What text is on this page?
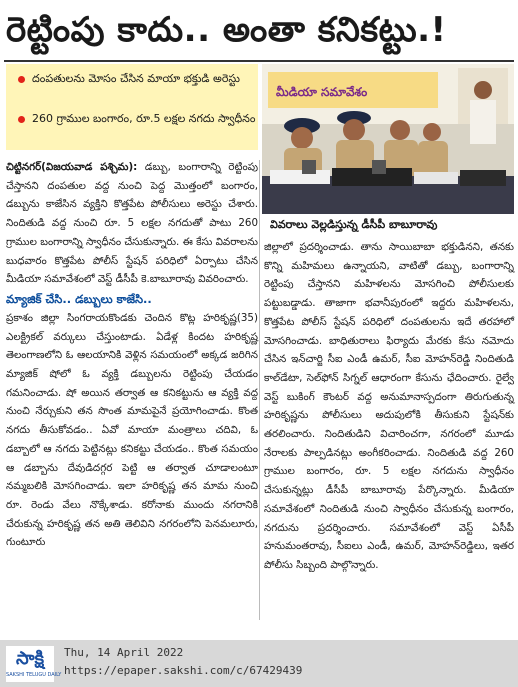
రెట్టింపు కాదు.. అంతా కనికట్టు.!
దంపతులను మోసం చేసిన మాయా భక్తుడి అరెస్టు
260 గ్రాముల బంగారం, రూ.5 లక్షల నగదు స్వాధీనం
మీడియా సమావేశం
వివరాలు వెల్లడిస్తున్న డీసీపీ బాబూరావు

చిట్టినగర్(విజయవాడ పశ్చిమ): డబ్బు, బంగారాన్ని రెట్టింపు చేస్తానని దంపతుల వద్ద నుంచి పెద్ద మొత్తంలో బంగారం, డబ్బును కాజేసిన వ్యక్తిని కొత్తపేట పోలీసులు అరెస్టు చేశారు. నిందితుడి వద్ద నుంచి రూ. 5 లక్షల నగదుతో పాటు 260 గ్రాముల బంగారాన్ని స్వాధీనం చేసుకున్నారు. ఈ కేసు వివరాలను బుధవారం కొత్తపేట పోలీస్ స్టేషన్ పరిధిలో ఏర్పాటు చేసిన మీడియా సమావేశంలో వెస్ట్ డీసీపీ కె.బాబూరావు వివరించారు.

మ్యాజిక్ చేసి.. డబ్బులు కాజేసి..

ప్రకాశం జిల్లా సింగరాయకొండకు చెందిన కొట్ల హరికృష్ణ(35) ఎలక్ట్రికల్ వర్కులు చేస్తుంటాడు. ఏడేళ్ల కిందట హరికృష్ణ తెలంగాణలోని ఓ ఆలయానికి వెళ్లిన సమయంలో అక్కడ జరిగిన మ్యాజిక్ షోలో ఓ వ్యక్తి డబ్బులను రెట్టింపు చేయడం గమనించాడు. షో అయిన తర్వాత ఆ కనికట్టును ఆ వ్యక్తి వద్ద నుంచి నేర్చుకుని తన సొంత మామపైనే ప్రయోగించాడు. కొంత నగదు తీసుకోవడం.. ఏవో మాయా మంత్రాలు చదివి, ఓ డబ్బాలో ఆ నగదు పెట్టినట్లు కనికట్టు చేయడం.. కొంత సమయం ఆ డబ్బాను దేవుడిదగ్గర పెట్టి ఆ తర్వాత చూడాలంటూ నమ్మబలికి మోసగించాడు. ఇలా హరికృష్ణ తన మామ నుంచి రూ. రెండు వేలు నొక్కేశాడు. కరోనాకు ముందు నగరానికి చేరుకున్న హరికృష్ణ తన అతి తెలివిని నగరంలోని పెనమలూరు, గుంటూరు

జిల్లాలో ప్రదర్శించాడు. తాను సాయిబాబా భక్తుడినని, తనకు కొన్ని మహిమలు ఉన్నాయని, వాటితో డబ్బు, బంగారాన్ని రెట్టింపు చేస్తానని మహిళలను మోసగించి పోలీసులకు పట్టుబడ్డాడు. తాజాగా భవానీపురంలో ఇద్దరు మహిళలను, కొత్తపేట పోలీస్ స్టేషన్ పరిధిలో దంపతులను ఇదే తరహాలో మోసగించాడు. బాధితురాలు ఫిర్యాదు మేరకు కేసు నమోదు చేసిన ఇన్‌చార్జి సీఐ ఎండీ ఉమర్, సీఐ మోహన్‌రెడ్డి నిందితుడి కాల్‌డేటా, సెల్‌ఫోన్ సిగ్నల్ ఆధారంగా కేసును ఛేదించారు. రైల్వే వెస్ట్ బుకింగ్ కౌంటర్ వద్ద అనుమానాస్పదంగా తిరుగుతున్న హరికృష్ణను పోలీసులు అదుపులోకి తీసుకుని స్టేషన్‌కు తరలించారు. నిందితుడిని విచారించగా, నగరంలో మూడు నేరాలకు పాల్పడినట్లు అంగీకరించాడు. నిందితుడి వద్ద 260 గ్రాముల బంగారం, రూ. 5 లక్షల నగదును స్వాధీనం చేసుకున్నట్లు డీసీపీ బాబూరావు పేర్కొన్నారు. మీడియా సమావేశంలో నిందితుడి నుంచి స్వాధీనం చేసుకున్న బంగారం, నగదును ప్రదర్శించారు. సమావేశంలో వెస్ట్ ఏసీపీ హనుమంతరావు, సీఐలు ఎండీ, ఉమర్, మోహన్‌రెడ్డిలు, ఇతర పోలీసు సిబ్బంది పాల్గొన్నారు.

సాక్షి
SAKSHI TELUGU DAILY
Thu, 14 April 2022
https://epaper.sakshi.com/c/67429439
